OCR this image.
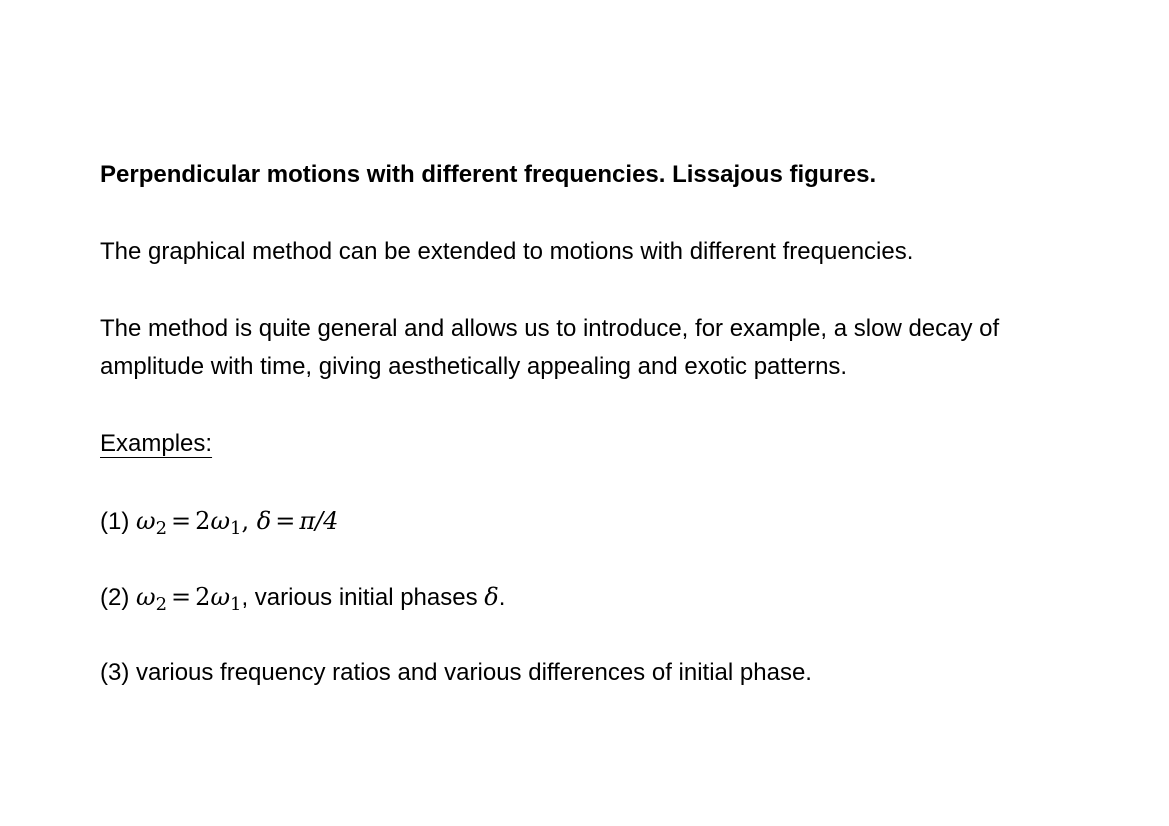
Perpendicular motions with different frequencies. Lissajous figures.
The graphical method can be extended to motions with different frequencies.
The method is quite general and allows us to introduce, for example, a slow decay of
amplitude with time, giving aesthetically appealing and exotic patterns.
Examples:
(1) $\omega_2 = 2\omega_1$, δ = π/4
(2) $\omega_2 = 2\omega_1$, various initial phases δ.
(3) various frequency ratios and various differences of initial phase.
